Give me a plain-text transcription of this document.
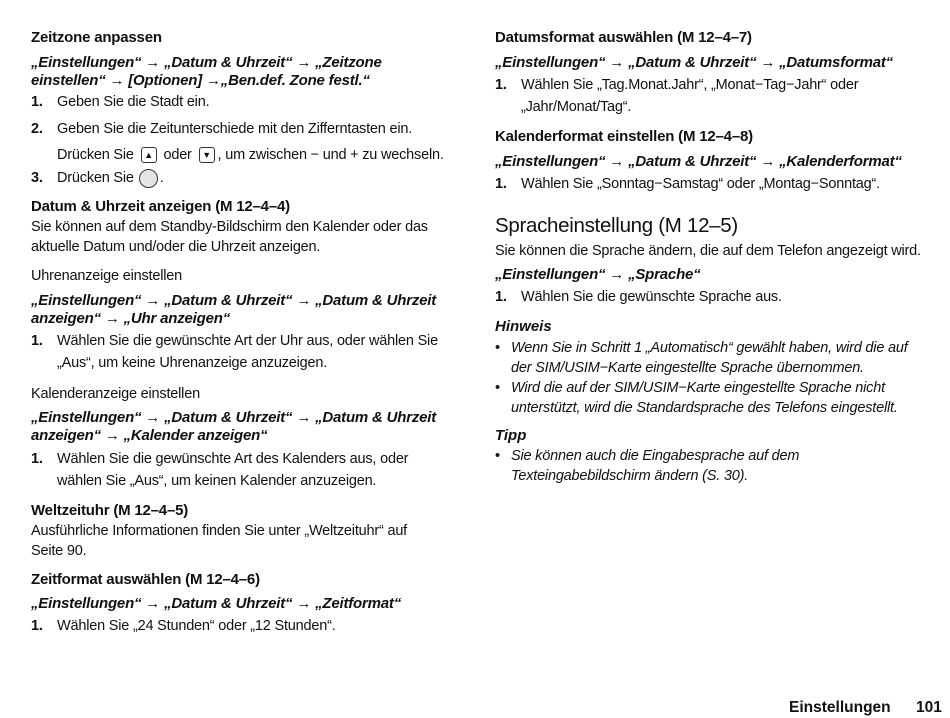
Zeitzone anpassen
„Einstellungen“ → „Datum & Uhrzeit“ → „Zeitzone
einstellen“ → [Optionen] →„Ben.def. Zone festl.“
1. Geben Sie die Stadt ein.
2. Geben Sie die Zeitunterschiede mit den Zifferntasten ein.
Drücken Sie ▲ oder ▼ , um zwischen − und + zu wechseln.
3. Drücken Sie .
Datum & Uhrzeit anzeigen (M 12–4–4)
Sie können auf dem Standby-Bildschirm den Kalender oder das
aktuelle Datum und/oder die Uhrzeit anzeigen.
Uhrenanzeige einstellen
„Einstellungen“ → „Datum & Uhrzeit“ → „Datum & Uhrzeit
anzeigen“ → „Uhr anzeigen“
1. Wählen Sie die gewünschte Art der Uhr aus, oder wählen Sie
„Aus“, um keine Uhrenanzeige anzuzeigen.
Kalenderanzeige einstellen
„Einstellungen“ → „Datum & Uhrzeit“ → „Datum & Uhrzeit
anzeigen“ → „Kalender anzeigen“
1. Wählen Sie die gewünschte Art des Kalenders aus, oder
wählen Sie „Aus“, um keinen Kalender anzuzeigen.
Weltzeituhr (M 12–4–5)
Ausführliche Informationen finden Sie unter „Weltzeituhr“ auf
Seite 90.
Zeitformat auswählen (M 12–4–6)
„Einstellungen“ → „Datum & Uhrzeit“ → „Zeitformat“
1. Wählen Sie „24 Stunden“ oder „12 Stunden“.
Datumsformat auswählen (M 12–4–7)
„Einstellungen“ → „Datum & Uhrzeit“ → „Datumsformat“
1. Wählen Sie „Tag.Monat.Jahr“, „Monat−Tag−Jahr“ oder
„Jahr/Monat/Tag“.
Kalenderformat einstellen (M 12–4–8)
„Einstellungen“ → „Datum & Uhrzeit“ → „Kalenderformat“
1. Wählen Sie „Sonntag−Samstag“ oder „Montag−Sonntag“.
Spracheinstellung (M 12–5)
Sie können die Sprache ändern, die auf dem Telefon angezeigt wird.
„Einstellungen“ → „Sprache“
1. Wählen Sie die gewünschte Sprache aus.
Hinweis
• Wenn Sie in Schritt 1 „Automatisch“ gewählt haben, wird die auf
der SIM/USIM−Karte eingestellte Sprache übernommen.
• Wird die auf der SIM/USIM−Karte eingestellte Sprache nicht
unterstützt, wird die Standardsprache des Telefons eingestellt.
Tipp
• Sie können auch die Eingabesprache auf dem
Texteingabebildschirm ändern (S. 30).
Einstellungen 101
